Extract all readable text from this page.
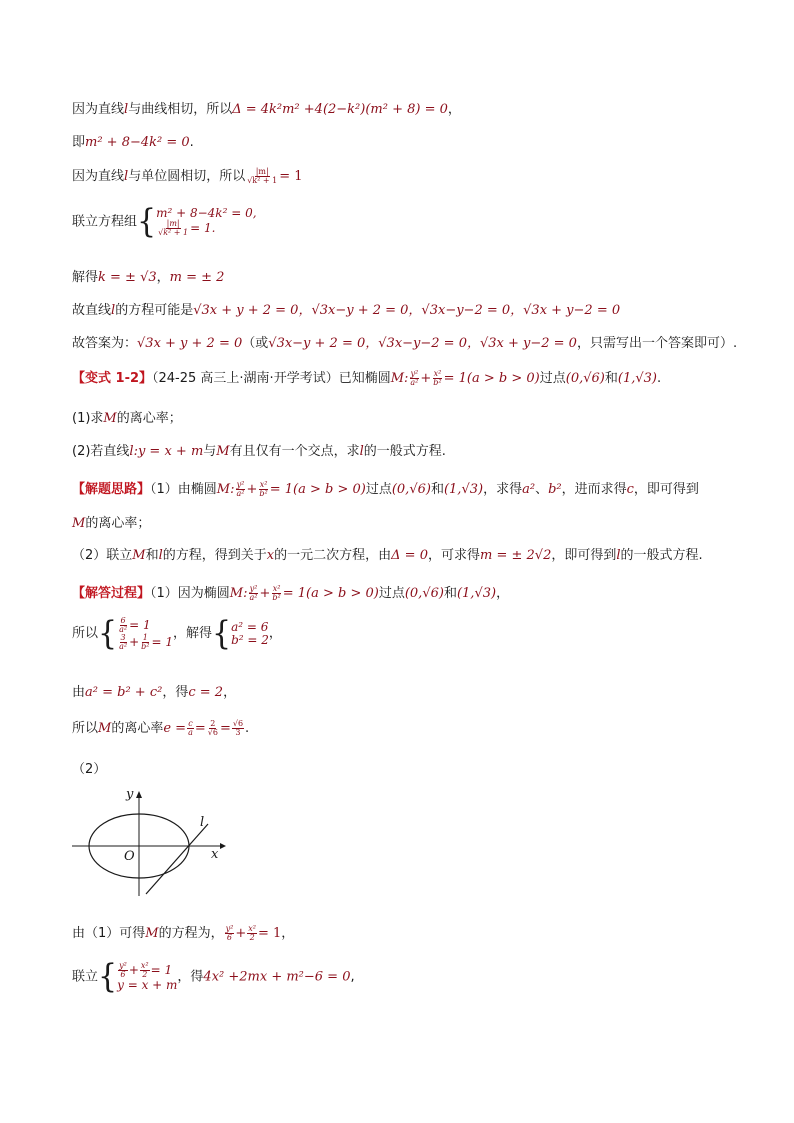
因为直线l与曲线相切，所以Δ = 4k²m² +4(2−k²)(m² + 8) = 0，
即m² + 8−4k² = 0.
因为直线l与单位圆相切，所以 $\frac{|m|}{\text{√k² + 1}} = 1$
联立方程组 { m² + 8−4k² = 0,
$\frac{|m|}{\text{√k² + 1}} = 1$.
解得k = ± √3，m = ± 2
故直线l的方程可能是√3x + y + 2 = 0，√3x−y + 2 = 0，√3x−y−2 = 0，√3x + y−2 = 0
故答案为：√3x + y + 2 = 0（或√3x−y + 2 = 0，√3x−y−2 = 0，√3x + y−2 = 0，只需写出一个答案即可）.
【变式 1-2】（24-25 高三上·湖南·开学考试）已知椭圆M: $\frac{\text{y²}}{\text{a²}} + \frac{\text{x²}}{\text{b²}} = 1(a > b > 0)$过点(0,√6)和(1,√3).
(1)求M的离心率；
(2)若直线l:y = x + m与M有且仅有一个交点，求l的一般式方程.
【解题思路】（1）由椭圆M: $\frac{\text{y²}}{\text{a²}} + \frac{\text{x²}}{\text{b²}} = 1(a > b > 0)$过点(0,√6)和(1,√3)，求得a²、b²，进而求得c，即可得到
M的离心率；
（2）联立M和l的方程，得到关于x的一元二次方程，由Δ = 0，可求得m = ± 2√2，即可得到l的一般式方程.
【解答过程】（1）因为椭圆M: $\frac{\text{y²}}{\text{a²}} + \frac{\text{x²}}{\text{b²}} = 1(a > b > 0)$过点(0,√6)和(1,√3)，
所以 { $\frac{6}{\text{a²}} = 1$
$\frac{3}{\text{a²}} + \frac{1}{\text{b²}} = 1$
，解得 { a² = 6
b² = 2 ，
由a² = b² + c²，得c = 2，
所以M的离心率$e = \frac{c}{a} = \frac{2}{√6} = \frac{√6}{3}$ .
（2）
y
x
O
l
由（1）可得M的方程为， $\frac{\text{y²}}{6} + \frac{\text{x²}}{2} = 1$，
联立 { $\frac{\text{y²}}{6} + \frac{\text{x²}}{2} = 1$
y = x + m
，得4x² +2mx + m²−6 = 0,
